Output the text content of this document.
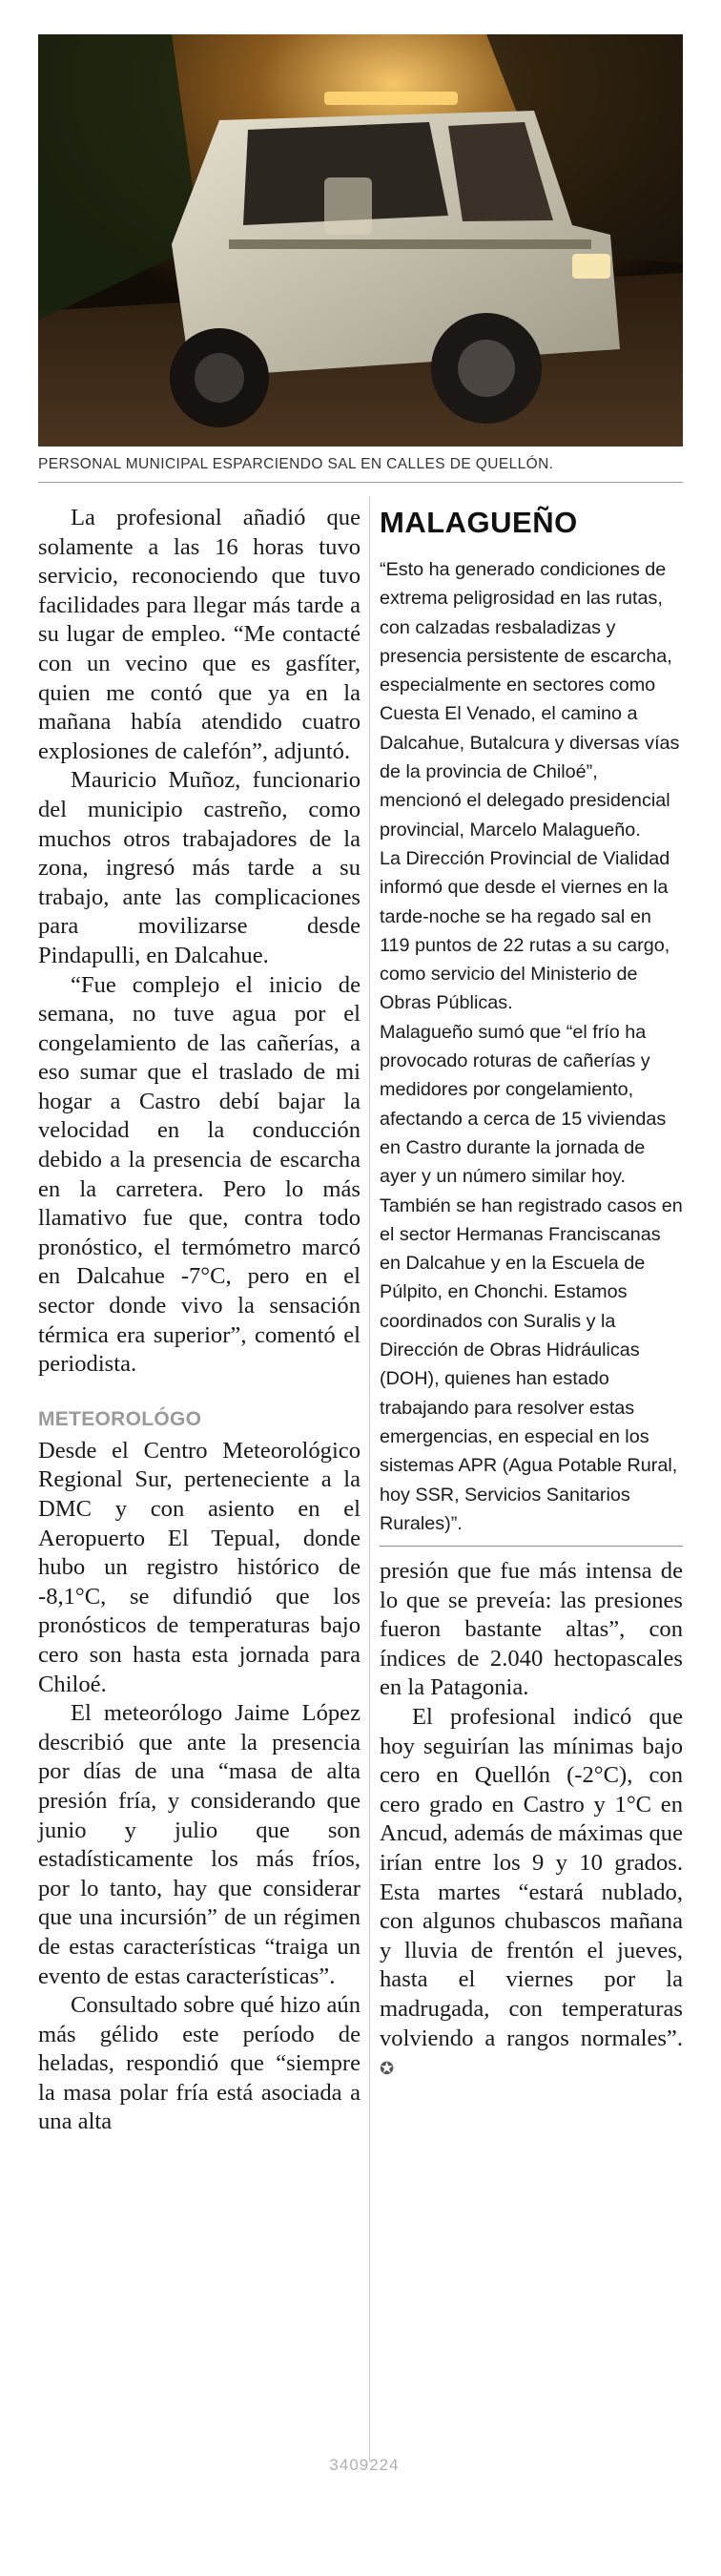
PERSONAL MUNICIPAL ESPARCIENDO SAL EN CALLES DE QUELLÓN.

La profesional añadió que solamente a las 16 horas tuvo servicio, reconociendo que tuvo facilidades para llegar más tarde a su lugar de empleo. “Me contacté con un vecino que es gasfíter, quien me contó que ya en la mañana había atendido cuatro explosiones de calefón”, adjuntó.

Mauricio Muñoz, funcionario del municipio castreño, como muchos otros trabajadores de la zona, ingresó más tarde a su trabajo, ante las complicaciones para movilizarse desde Pindapulli, en Dalcahue.

“Fue complejo el inicio de semana, no tuve agua por el congelamiento de las cañerías, a eso sumar que el traslado de mi hogar a Castro debí bajar la velocidad en la conducción debido a la presencia de escarcha en la carretera. Pero lo más llamativo fue que, contra todo pronóstico, el termómetro marcó en Dalcahue -7°C, pero en el sector donde vivo la sensación térmica era superior”, comentó el periodista.

METEOROLÓGO

Desde el Centro Meteorológico Regional Sur, perteneciente a la DMC y con asiento en el Aeropuerto El Tepual, donde hubo un registro histórico de -8,1°C, se difundió que los pronósticos de temperaturas bajo cero son hasta esta jornada para Chiloé.

El meteorólogo Jaime López describió que ante la presencia por días de una “masa de alta presión fría, y considerando que junio y julio que son estadísticamente los más fríos, por lo tanto, hay que considerar que una incursión” de un régimen de estas características “traiga un evento de estas características”.

Consultado sobre qué hizo aún más gélido este período de heladas, respondió que “siempre la masa polar fría está asociada a una alta

MALAGUEÑO

“Esto ha generado condiciones de extrema peligrosidad en las rutas, con calzadas resbaladizas y presencia persistente de escarcha, especialmente en sectores como Cuesta El Venado, el camino a Dalcahue, Butalcura y diversas vías de la provincia de Chiloé”, mencionó el delegado presidencial provincial, Marcelo Malagueño.

La Dirección Provincial de Vialidad informó que desde el viernes en la tarde-noche se ha regado sal en 119 puntos de 22 rutas a su cargo, como servicio del Ministerio de Obras Públicas.

Malagueño sumó que “el frío ha provocado roturas de cañerías y medidores por congelamiento, afectando a cerca de 15 viviendas en Castro durante la jornada de ayer y un número similar hoy. También se han registrado casos en el sector Hermanas Franciscanas en Dalcahue y en la Escuela de Púlpito, en Chonchi. Estamos coordinados con Suralis y la Dirección de Obras Hidráulicas (DOH), quienes han estado trabajando para resolver estas emergencias, en especial en los sistemas APR (Agua Potable Rural, hoy SSR, Servicios Sanitarios Rurales)”.

presión que fue más intensa de lo que se preveía: las presiones fueron bastante altas”, con índices de 2.040 hectopascales en la Patagonia.

El profesional indicó que hoy seguirían las mínimas bajo cero en Quellón (-2°C), con cero grado en Castro y 1°C en Ancud, además de máximas que irían entre los 9 y 10 grados. Esta martes “estará nublado, con algunos chubascos mañana y lluvia de frentón el jueves, hasta el viernes por la madrugada, con temperaturas volviendo a rangos normales”. ✪

3409224
